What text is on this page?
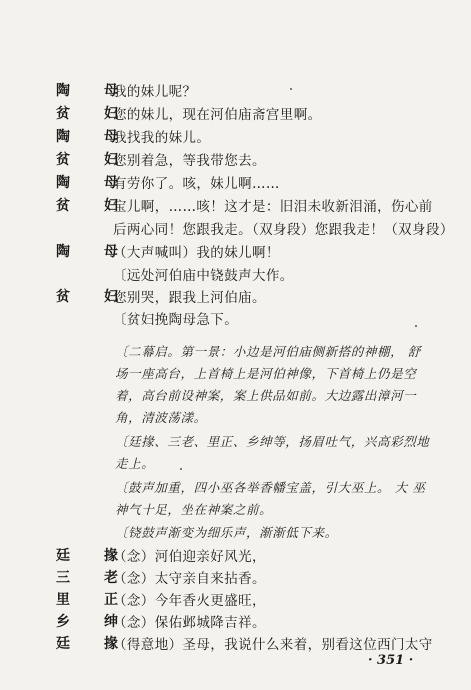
陶　母
我的妹儿呢？
贫　妇
您的妹儿，现在河伯庙斋宫里啊。
陶　母
我找我的妹儿。
贫　妇
您别着急，等我带您去。
陶　母
有劳你了。咳，妹儿啊……
贫　妇
宝儿啊，……咳！这才是：旧泪未收新泪涌，伤心前
后两心同！您跟我走。（双身段）您跟我走！（双身段）
陶　母
（大声喊叫）我的妹儿啊！
〔远处河伯庙中铙鼓声大作。
贫　妇
您别哭，跟我上河伯庙。
〔贫妇挽陶母急下。
〔二幕启。第一景：小边是河伯庙侧新搭的神棚， 舒
场一座高台，上首椅上是河伯神像，下首椅上仍是空
着，高台前设神案，案上供品如前。大边露出漳河一
角，清波荡漾。
〔廷掾、三老、里正、乡绅等，扬眉吐气，兴高彩烈地
走上。
〔鼓声加重，四小巫各举香幡宝盖，引大巫上。 大 巫
神气十足，坐在神案之前。
〔铙鼓声渐变为细乐声，渐渐低下来。
廷　掾
（念）河伯迎亲好风光，
三　老
（念）太守亲自来拈香。
里　正
（念）今年香火更盛旺，
乡　绅
（念）保佑邺城降吉祥。
廷　掾
（得意地）圣母，我说什么来着，别看这位西门太守
· 351 ·
